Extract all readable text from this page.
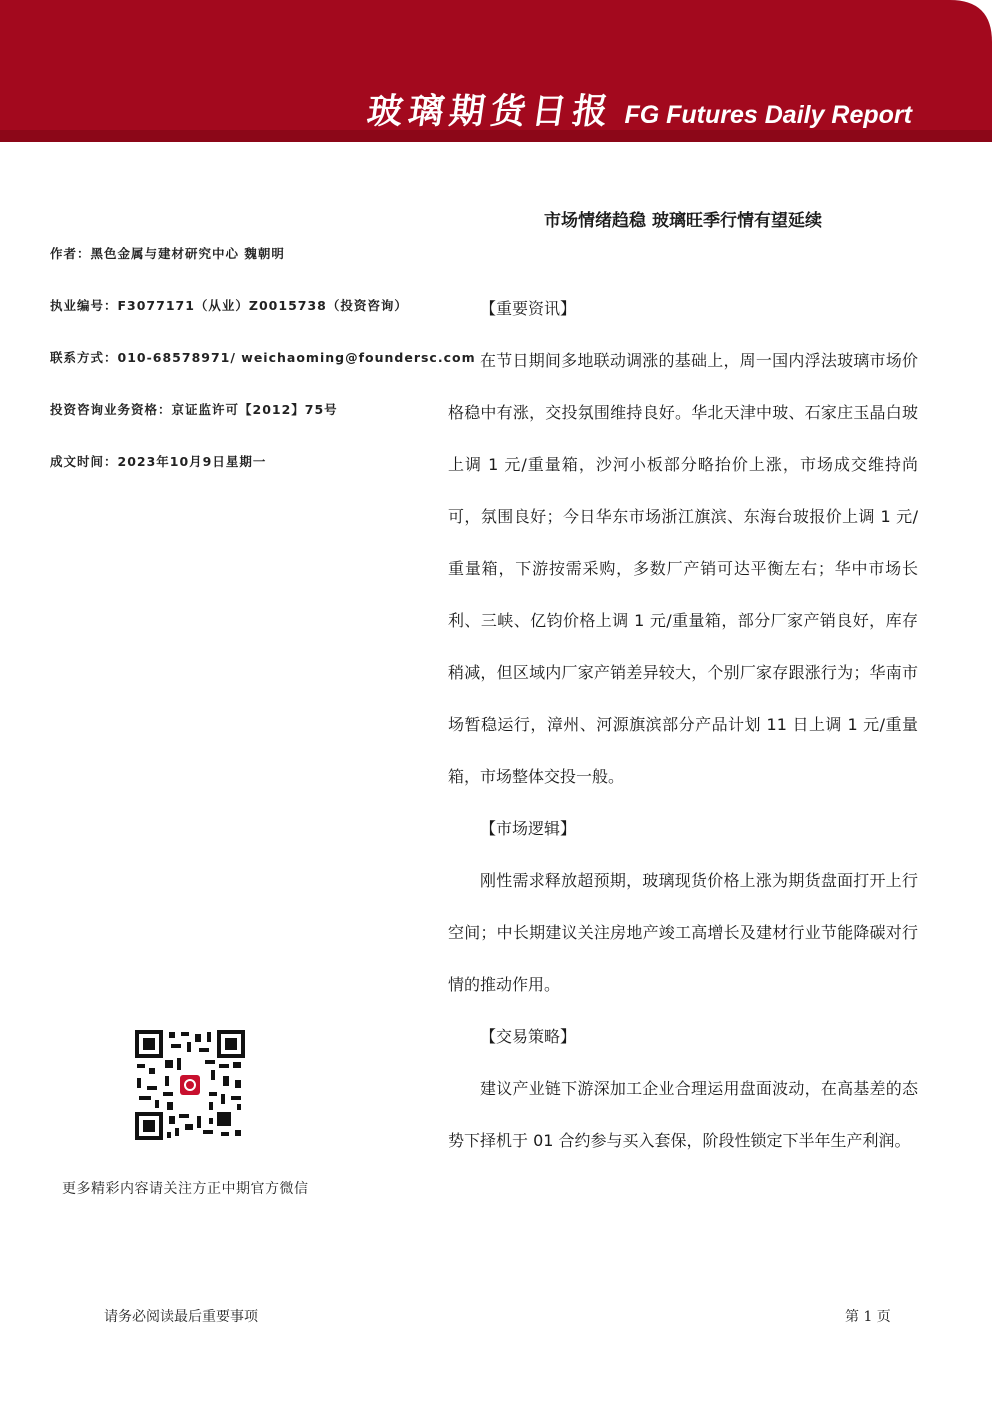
玻璃期货日报 FG Futures Daily Report
作者：黑色金属与建材研究中心 魏朝明
执业编号：F3077171（从业）Z0015738（投资咨询）
联系方式：010-68578971/ weichaoming@foundersc.com
投资咨询业务资格：京证监许可【2012】75号
成文时间：2023年10月9日星期一
更多精彩内容请关注方正中期官方微信
市场情绪趋稳 玻璃旺季行情有望延续
【重要资讯】

在节日期间多地联动调涨的基础上，周一国内浮法玻璃市场价格稳中有涨，交投氛围维持良好。华北天津中玻、石家庄玉晶白玻上调 1 元/重量箱，沙河小板部分略抬价上涨，市场成交维持尚可，氛围良好；今日华东市场浙江旗滨、东海台玻报价上调 1 元/重量箱，下游按需采购，多数厂产销可达平衡左右；华中市场长利、三峡、亿钧价格上调 1 元/重量箱，部分厂家产销良好，库存稍减，但区域内厂家产销差异较大，个别厂家存跟涨行为；华南市场暂稳运行，漳州、河源旗滨部分产品计划 11 日上调 1 元/重量箱，市场整体交投一般。

【市场逻辑】

刚性需求释放超预期，玻璃现货价格上涨为期货盘面打开上行空间；中长期建议关注房地产竣工高增长及建材行业节能降碳对行情的推动作用。

【交易策略】

建议产业链下游深加工企业合理运用盘面波动，在高基差的态势下择机于 01 合约参与买入套保，阶段性锁定下半年生产利润。

请务必阅读最后重要事项	第 1 页
